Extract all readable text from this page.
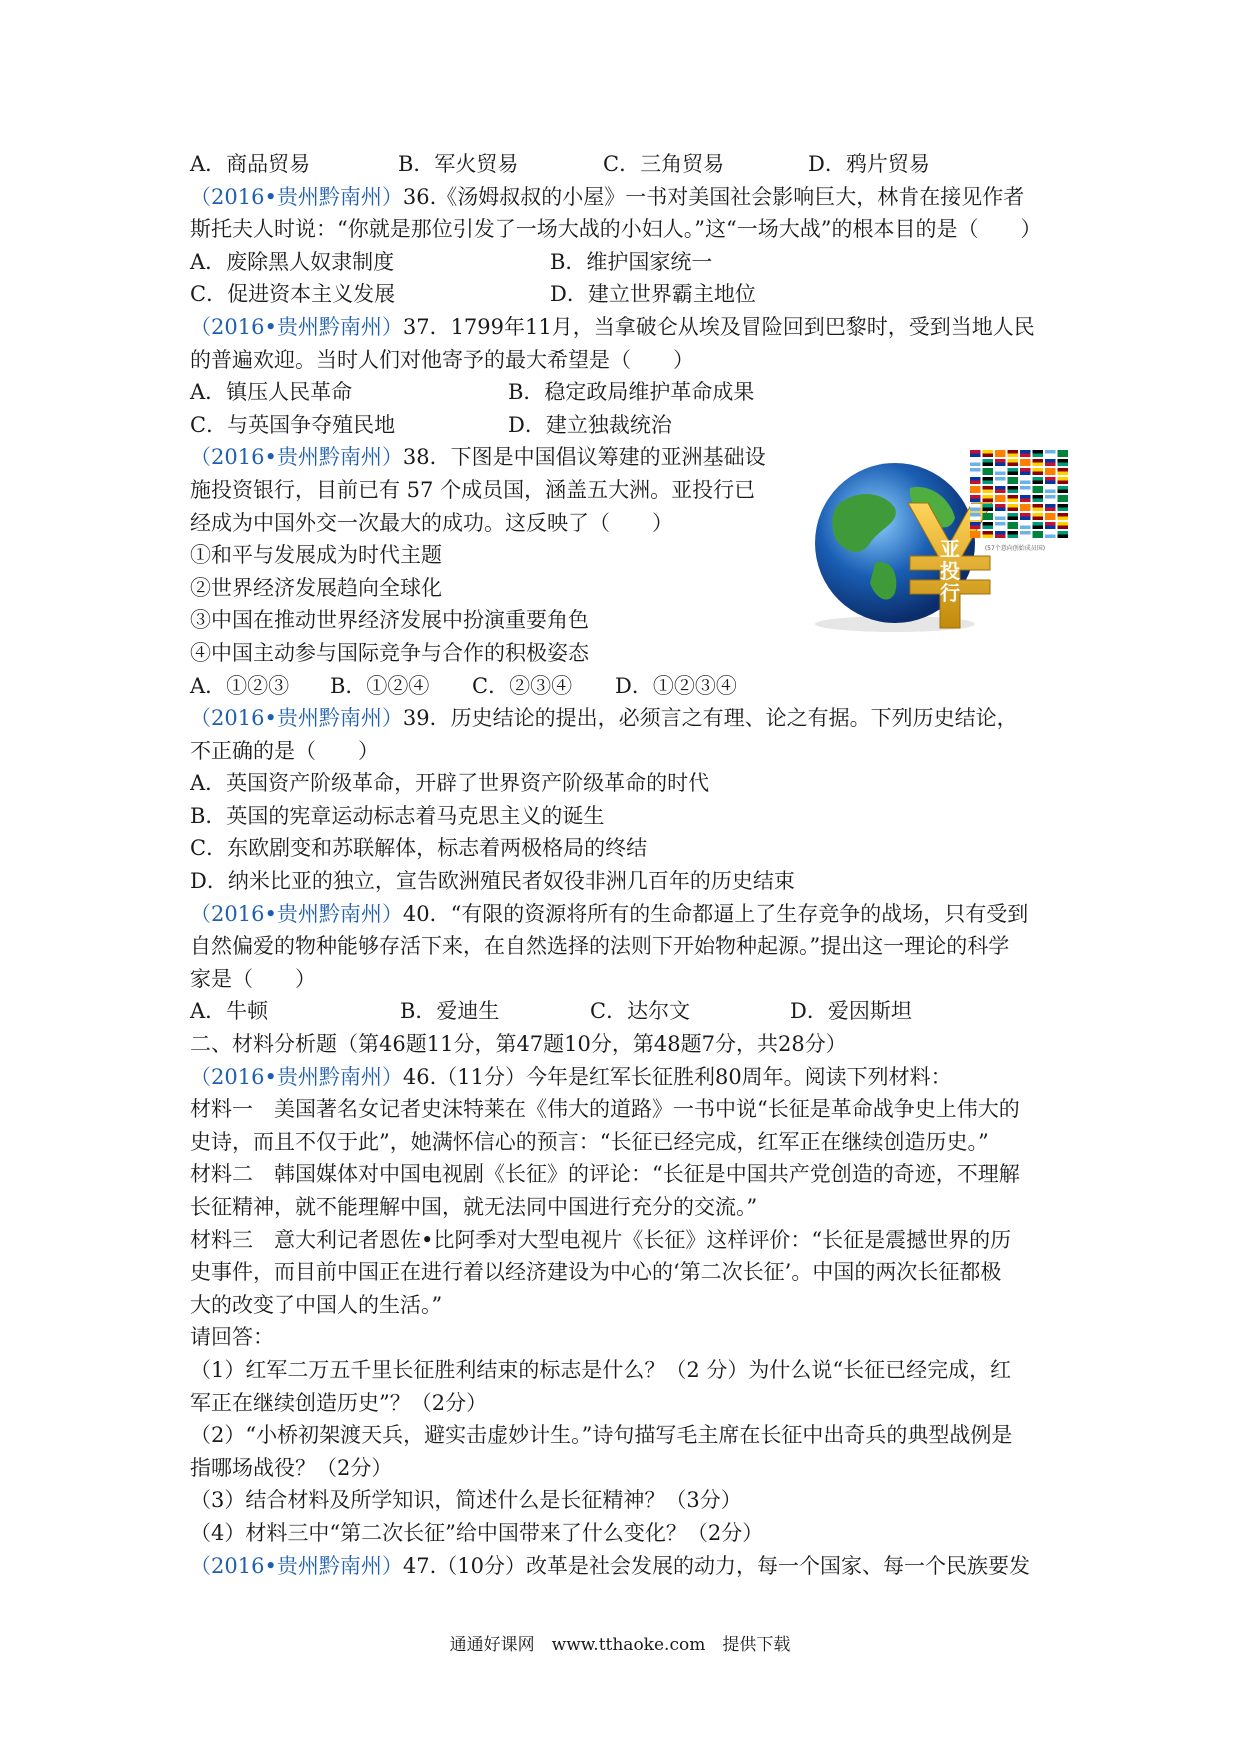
A．商品贸易	B．军火贸易	C．三角贸易	D．鸦片贸易
（2016•贵州黔南州）36.《汤姆叔叔的小屋》一书对美国社会影响巨大，林肯在接见作者
斯托夫人时说：“你就是那位引发了一场大战的小妇人。”这“一场大战”的根本目的是（　　）
A．废除黑人奴隶制度	B．维护国家统一
C．促进资本主义发展	D．建立世界霸主地位
（2016•贵州黔南州）37．1799年11月，当拿破仑从埃及冒险回到巴黎时，受到当地人民
的普遍欢迎。当时人们对他寄予的最大希望是（　　）
A．镇压人民革命	B．稳定政局维护革命成果
C．与英国争夺殖民地	D．建立独裁统治
（2016•贵州黔南州）38．下图是中国倡议筹建的亚洲基础设
施投资银行，目前已有 57 个成员国，涵盖五大洲。亚投行已
经成为中国外交一次最大的成功。这反映了（　　）
①和平与发展成为时代主题
②世界经济发展趋向全球化
③中国在推动世界经济发展中扮演重要角色
④中国主动参与国际竞争与合作的积极姿态
A．①②③	B．①②④	C．②③④	D．①②③④
（2016•贵州黔南州）39．历史结论的提出，必须言之有理、论之有据。下列历史结论，
不正确的是（　　）
A．英国资产阶级革命，开辟了世界资产阶级革命的时代
B．英国的宪章运动标志着马克思主义的诞生
C．东欧剧变和苏联解体，标志着两极格局的终结
D．纳米比亚的独立，宣告欧洲殖民者奴役非洲几百年的历史结束
（2016•贵州黔南州）40．“有限的资源将所有的生命都逼上了生存竞争的战场，只有受到
自然偏爱的物种能够存活下来，在自然选择的法则下开始物种起源。”提出这一理论的科学
家是（　　）
A．牛顿	B．爱迪生	C．达尔文	D．爱因斯坦
二、材料分析题（第46题11分，第47题10分，第48题7分，共28分）
（2016•贵州黔南州）46.（11分）今年是红军长征胜利80周年。阅读下列材料：
材料一　美国著名女记者史沫特莱在《伟大的道路》一书中说“长征是革命战争史上伟大的
史诗，而且不仅于此”，她满怀信心的预言：“长征已经完成，红军正在继续创造历史。”
材料二　韩国媒体对中国电视剧《长征》的评论：“长征是中国共产党创造的奇迹，不理解
长征精神，就不能理解中国，就无法同中国进行充分的交流。”
材料三　意大利记者恩佐•比阿季对大型电视片《长征》这样评价：“长征是震撼世界的历
史事件，而目前中国正在进行着以经济建设为中心的‘第二次长征’。中国的两次长征都极
大的改变了中国人的生活。”
请回答：
（1）红军二万五千里长征胜利结束的标志是什么？（2 分）为什么说“长征已经完成，红
军正在继续创造历史”？（2分）
（2）“小桥初架渡天兵，避实击虚妙计生。”诗句描写毛主席在长征中出奇兵的典型战例是
指哪场战役？（2分）
（3）结合材料及所学知识，简述什么是长征精神？（3分）
（4）材料三中“第二次长征”给中国带来了什么变化？（2分）
（2016•贵州黔南州）47.（10分）改革是社会发展的动力，每一个国家、每一个民族要发
亚
投
行
(57个意向创始成员国)
通通好课网　www.tthaoke.com　提供下载
